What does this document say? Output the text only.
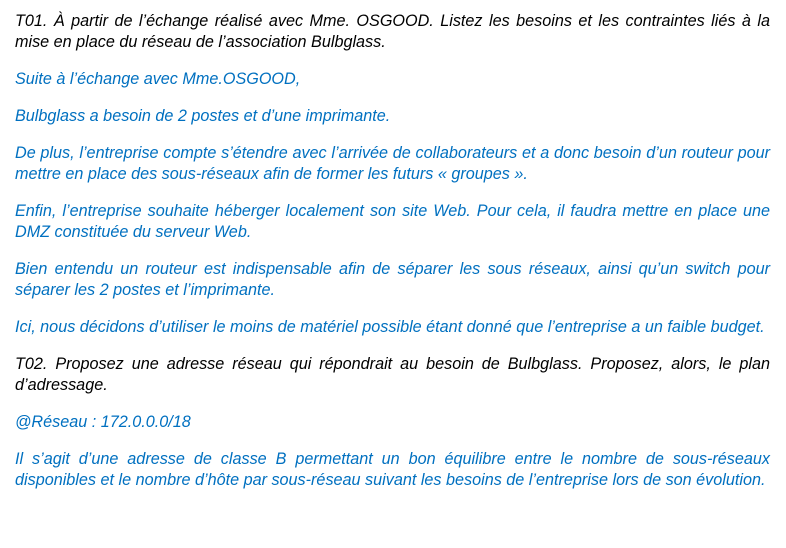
T01. À partir de l’échange réalisé avec Mme. OSGOOD. Listez les besoins et les contraintes liés à la mise en place du réseau de l’association Bulbglass.

Suite à l’échange avec Mme.OSGOOD,

Bulbglass a besoin de 2 postes et d’une imprimante.

De plus, l’entreprise compte s’étendre avec l’arrivée de collaborateurs et a donc besoin d’un routeur pour mettre en place des sous-réseaux afin de former les futurs « groupes ».

Enfin, l’entreprise souhaite héberger localement son site Web. Pour cela, il faudra mettre en place une DMZ constituée du serveur Web.

Bien entendu un routeur est indispensable afin de séparer les sous réseaux, ainsi qu’un switch pour séparer les 2 postes et l’imprimante.

Ici, nous décidons d’utiliser le moins de matériel possible étant donné que l’entreprise a un faible budget.

T02. Proposez une adresse réseau qui répondrait au besoin de Bulbglass. Proposez, alors, le plan d’adressage.

@Réseau : 172.0.0.0/18

Il s’agit d’une adresse de classe B permettant un bon équilibre entre le nombre de sous-réseaux disponibles et le nombre d’hôte par sous-réseau suivant les besoins de l’entreprise lors de son évolution.
